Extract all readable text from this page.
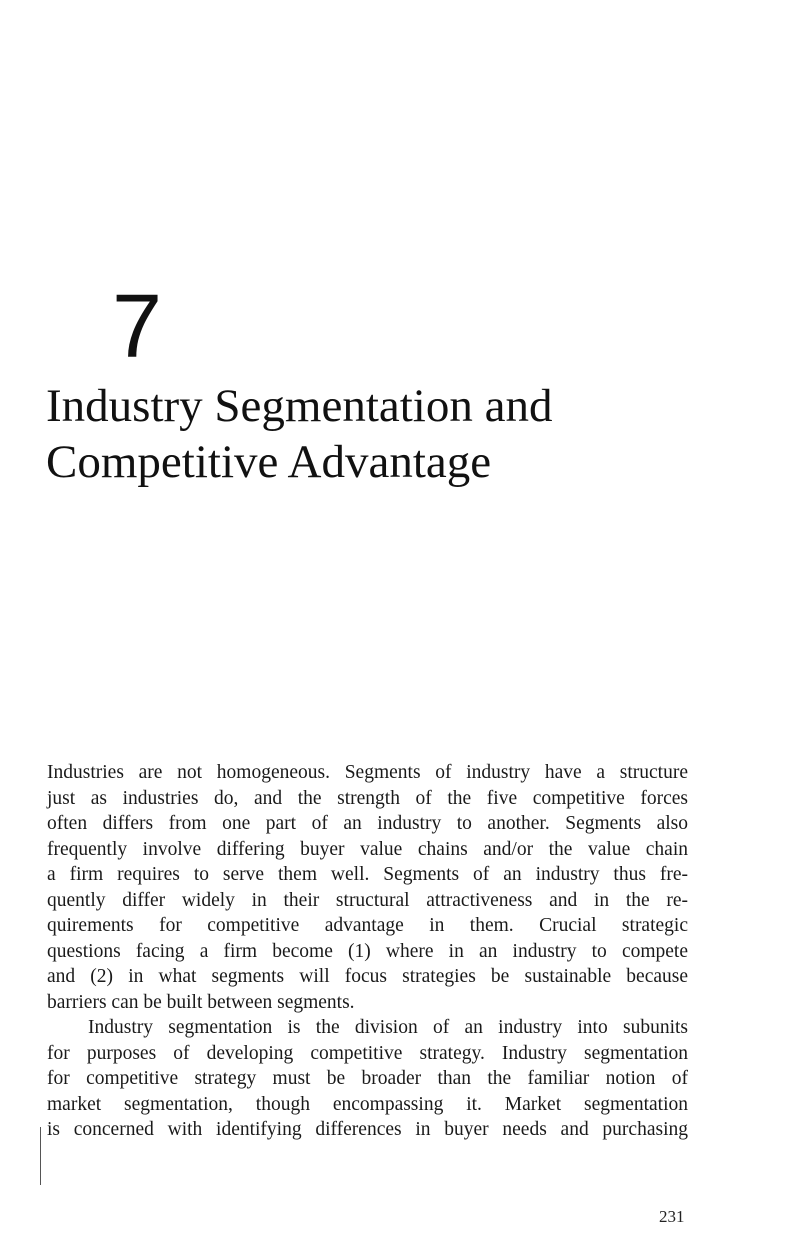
7
Industry Segmentation and
Competitive Advantage
Industries are not homogeneous. Segments of industry have a structure
just as industries do, and the strength of the five competitive forces
often differs from one part of an industry to another. Segments also
frequently involve differing buyer value chains and/or the value chain
a firm requires to serve them well. Segments of an industry thus fre-
quently differ widely in their structural attractiveness and in the re-
quirements for competitive advantage in them. Crucial strategic
questions facing a firm become (1) where in an industry to compete
and (2) in what segments will focus strategies be sustainable because
barriers can be built between segments.
Industry segmentation is the division of an industry into subunits
for purposes of developing competitive strategy. Industry segmentation
for competitive strategy must be broader than the familiar notion of
market segmentation, though encompassing it. Market segmentation
is concerned with identifying differences in buyer needs and purchasing
231
